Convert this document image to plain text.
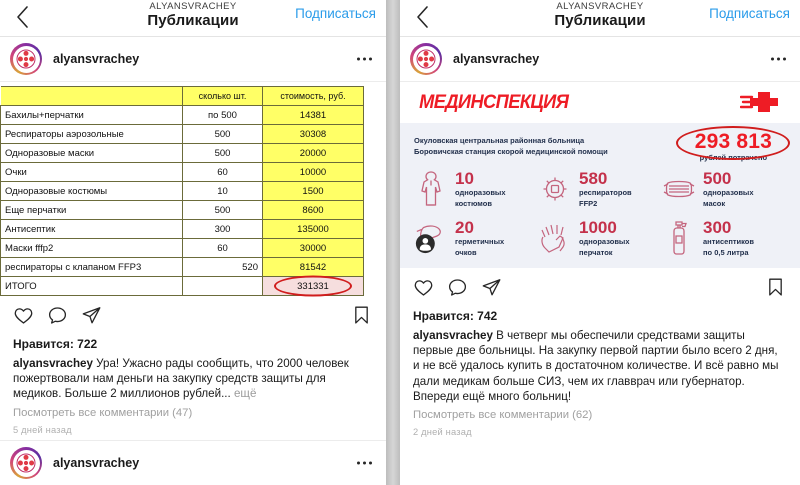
ALYANSVRACHEY
Публикации	Подписаться
alyansvrachey
	сколько шт.	стоимость, руб.
Бахилы+перчатки	по 500	14381
Респираторы аэрозольные	500	30308
Одноразовые маски	500	20000
Очки	60	10000
Одноразовые костюмы	10	1500
Еще перчатки	500	8600
Антисептик	300	135000
Маски fffp2	60	30000
респираторы с клапаном FFP3	520	81542
ИТОГО		331331
Нравится: 722
alyansvrachey Ура! Ужасно рады сообщить, что 2000 человек пожертвовали нам деньги на закупку средств защиты для медиков. Больше 2 миллионов рублей... ещё
Посмотреть все комментарии (47)
5 дней назад
alyansvrachey
ALYANSVRACHEY
Публикации	Подписаться
alyansvrachey
МЕДИНСПЕКЦИЯ
Окуловская центральная районная больница
Боровичская станция скорой медицинской помощи	293 813
рублей потрачено
10
одноразовых
костюмов
580
респираторов
FFP2
500
одноразовых
масок
20
герметичных
очков
1000
одноразовых
перчаток
300
антисептиков
по 0,5 литра
Нравится: 742
alyansvrachey В четверг мы обеспечили средствами защиты первые две больницы. На закупку первой партии было всего 2 дня, и не всё удалось купить в достаточном количестве. И всё равно мы дали медикам больше СИЗ, чем их главврач или губернатор. Впереди ещё много больниц!
Посмотреть все комментарии (62)
2 дней назад
